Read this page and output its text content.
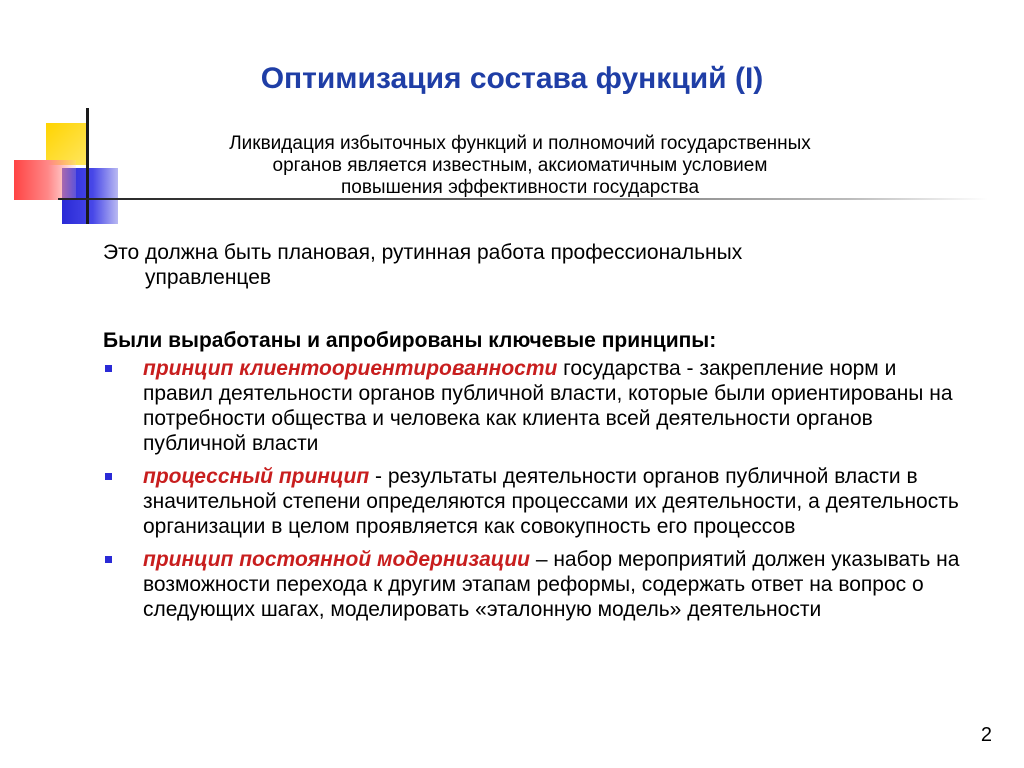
Оптимизация состава функций (I)
Ликвидация избыточных функций и полномочий государственных
органов является известным, аксиоматичным условием
повышения эффективности государства
Это должна быть плановая, рутинная работа профессиональных
управленцев
Были выработаны и апробированы ключевые принципы:
принцип клиентоориентированности государства - закрепление норм и правил деятельности органов публичной власти, которые были ориентированы на потребности общества и человека как клиента всей деятельности органов публичной власти
процессный принцип - результаты деятельности органов публичной власти в значительной степени определяются процессами их деятельности, а деятельность организации в целом проявляется как совокупность его процессов
принцип постоянной модернизации – набор мероприятий должен указывать на возможности перехода к другим этапам реформы, содержать ответ на вопрос о следующих шагах, моделировать «эталонную модель» деятельности
2
